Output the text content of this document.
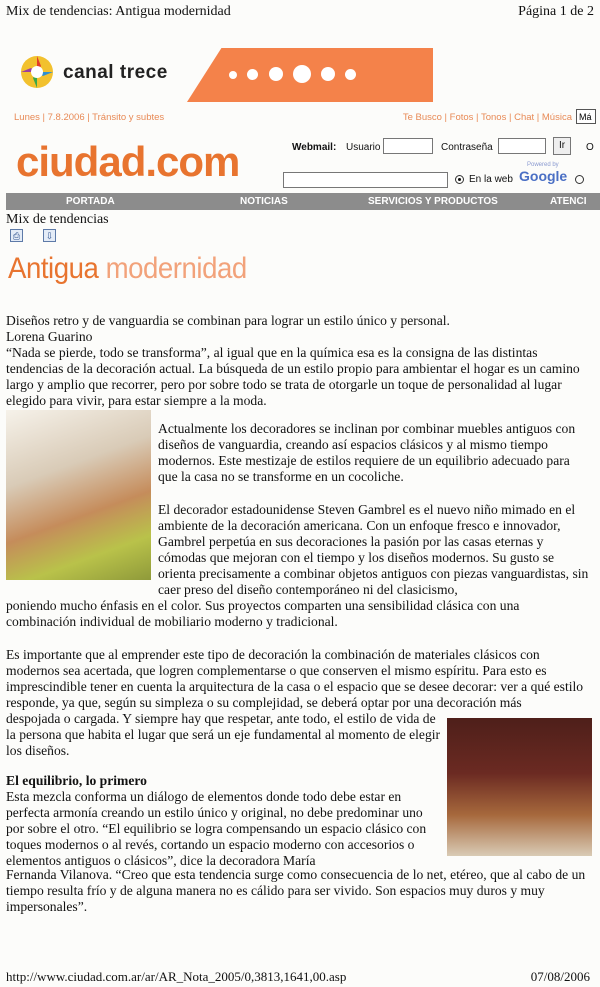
Mix de tendencias: Antigua modernidad	Página 1 de 2
canal trece
Lunes | 7.8.2006 | Tránsito y subtes	Te Busco | Fotos | Tonos | Chat | Música Má
ciudad.com	Webmail: Usuario	Contraseña	Ir	O
En la web
Powered by
Google
PORTADA	NOTICIAS	SERVICIOS Y PRODUCTOS	ATENCI
Mix de tendencias
⎙	⇩
Antigua modernidad

Diseños retro y de vanguardia se combinan para lograr un estilo único y personal.

Lorena Guarino

“Nada se pierde, todo se transforma”, al igual que en la química esa es la consigna de las distintas tendencias de la decoración actual. La búsqueda de un estilo propio para ambientar el hogar es un camino largo y amplio que recorrer, pero por sobre todo se trata de otorgarle un toque de personalidad al lugar elegido para vivir, para estar siempre a la moda.

Actualmente los decoradores se inclinan por combinar muebles antiguos con diseños de vanguardia, creando así espacios clásicos y al mismo tiempo modernos. Este mestizaje de estilos requiere de un equilibrio adecuado para que la casa no se transforme en un cocoliche.

El decorador estadounidense Steven Gambrel es el nuevo niño mimado en el ambiente de la decoración americana. Con un enfoque fresco e innovador, Gambrel perpetúa en sus decoraciones la pasión por las casas eternas y cómodas que mejoran con el tiempo y los diseños modernos. Su gusto se orienta precisamente a combinar objetos antiguos con piezas vanguardistas, sin caer preso del diseño contemporáneo ni del clasicismo,

poniendo mucho énfasis en el color. Sus proyectos comparten una sensibilidad clásica con una combinación individual de mobiliario moderno y tradicional.

Es importante que al emprender este tipo de decoración la combinación de materiales clásicos con modernos sea acertada, que logren complementarse o que conserven el mismo espíritu. Para esto es imprescindible tener en cuenta la arquitectura de la casa o el espacio que se desee decorar: ver a qué estilo responde, ya que, según su simpleza o su complejidad, se deberá optar por una decoración más

despojada o cargada. Y siempre hay que respetar, ante todo, el estilo de vida de la persona que habita el lugar que será un eje fundamental al momento de elegir los diseños.

El equilibrio, lo primero

Esta mezcla conforma un diálogo de elementos donde todo debe estar en perfecta armonía creando un estilo único y original, no debe predominar uno por sobre el otro. “El equilibrio se logra compensando un espacio clásico con toques modernos o al revés, cortando un espacio moderno con accesorios o elementos antiguos o clásicos”, dice la decoradora María

Fernanda Vilanova. “Creo que esta tendencia surge como consecuencia de lo net, etéreo, que al cabo de un tiempo resulta frío y de alguna manera no es cálido para ser vivido. Son espacios muy duros y muy impersonales”.

http://www.ciudad.com.ar/ar/AR_Nota_2005/0,3813,1641,00.asp	07/08/2006
